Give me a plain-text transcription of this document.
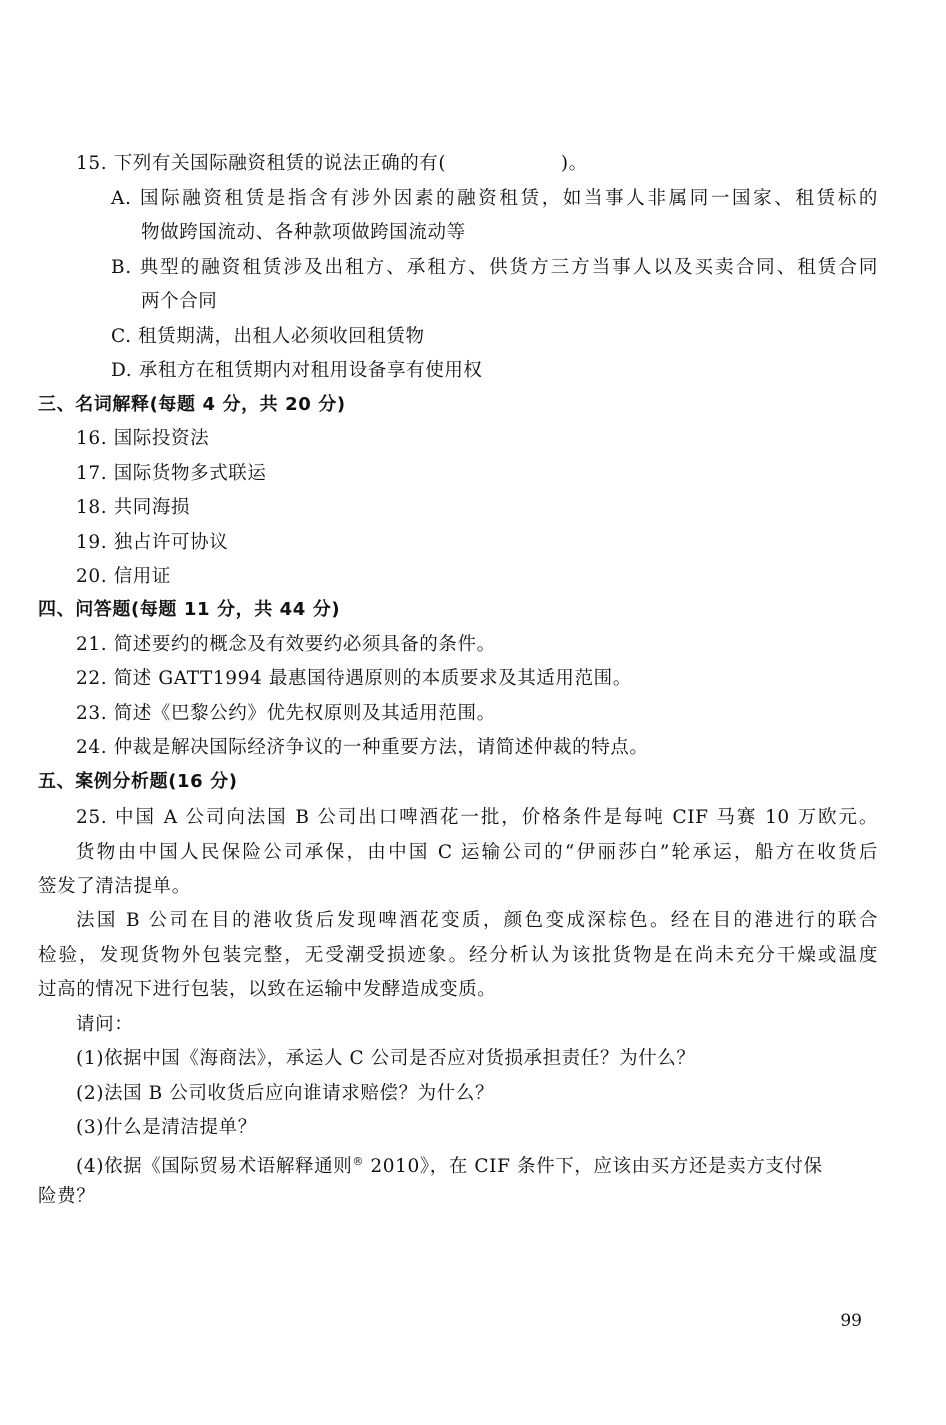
15. 下列有关国际融资租赁的说法正确的有(　　　　　　)。
A. 国际融资租赁是指含有涉外因素的融资租赁，如当事人非属同一国家、租赁标的
物做跨国流动、各种款项做跨国流动等
B. 典型的融资租赁涉及出租方、承租方、供货方三方当事人以及买卖合同、租赁合同
两个合同
C. 租赁期满，出租人必须收回租赁物
D. 承租方在租赁期内对租用设备享有使用权
三、名词解释(每题 4 分，共 20 分)
16. 国际投资法
17. 国际货物多式联运
18. 共同海损
19. 独占许可协议
20. 信用证
四、问答题(每题 11 分，共 44 分)
21. 简述要约的概念及有效要约必须具备的条件。
22. 简述 GATT1994 最惠国待遇原则的本质要求及其适用范围。
23. 简述《巴黎公约》优先权原则及其适用范围。
24. 仲裁是解决国际经济争议的一种重要方法，请简述仲裁的特点。
五、案例分析题(16 分)
25. 中国 A 公司向法国 B 公司出口啤酒花一批，价格条件是每吨 CIF 马赛 10 万欧元。
货物由中国人民保险公司承保，由中国 C 运输公司的“伊丽莎白”轮承运，船方在收货后
签发了清洁提单。
法国 B 公司在目的港收货后发现啤酒花变质，颜色变成深棕色。经在目的港进行的联合
检验，发现货物外包装完整，无受潮受损迹象。经分析认为该批货物是在尚未充分干燥或温度
过高的情况下进行包装，以致在运输中发酵造成变质。
请问：
(1)依据中国《海商法》，承运人 C 公司是否应对货损承担责任？为什么？
(2)法国 B 公司收货后应向谁请求赔偿？为什么？
(3)什么是清洁提单？
(4)依据《国际贸易术语解释通则® 2010》，在 CIF 条件下，应该由买方还是卖方支付保
险费？
99
